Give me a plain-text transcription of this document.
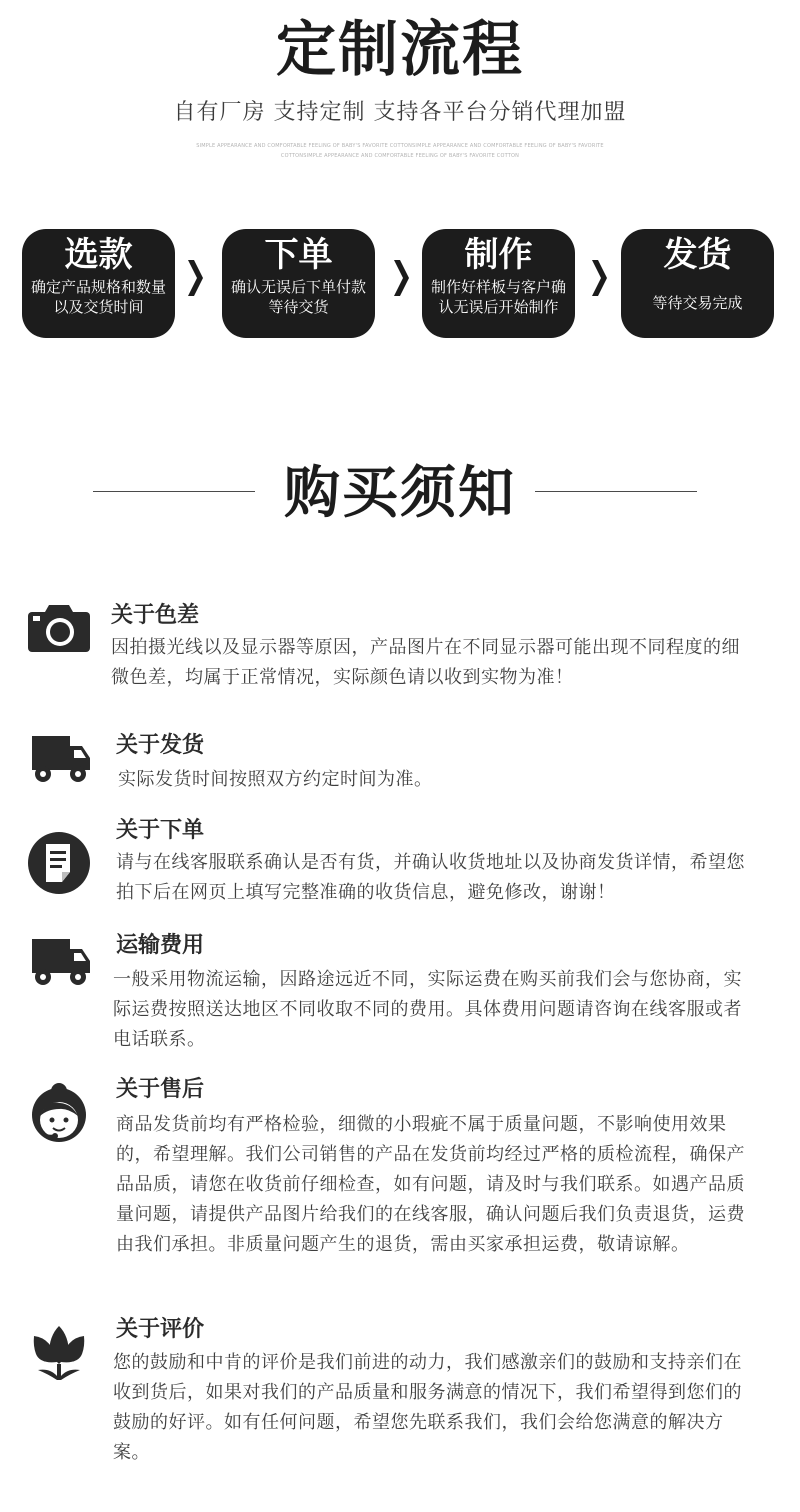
定制流程
自有厂房 支持定制 支持各平台分销代理加盟
SIMPLE APPEARANCE AND COMFORTABLE FEELING OF BABY'S FAVORITE COTTONSIMPLE APPEARANCE AND COMFORTABLE FEELING OF BABY'S FAVORITE
COTTONSIMPLE APPEARANCE AND COMFORTABLE FEELING OF BABY'S FAVORITE COTTON
选款
确定产品规格和数量以及交货时间
下单
确认无误后下单付款等待交货
制作
制作好样板与客户确认无误后开始制作
发货
等待交易完成
购买须知
关于色差
因拍摄光线以及显示器等原因，产品图片在不同显示器可能出现不同程度的细微色差，均属于正常情况，实际颜色请以收到实物为准！
关于发货
实际发货时间按照双方约定时间为准。
关于下单
请与在线客服联系确认是否有货，并确认收货地址以及协商发货详情，希望您拍下后在网页上填写完整准确的收货信息，避免修改，谢谢！
运输费用
一般采用物流运输，因路途远近不同，实际运费在购买前我们会与您协商，实际运费按照送达地区不同收取不同的费用。具体费用问题请咨询在线客服或者电话联系。
关于售后
商品发货前均有严格检验，细微的小瑕疵不属于质量问题，不影响使用效果的，希望理解。我们公司销售的产品在发货前均经过严格的质检流程，确保产品品质，请您在收货前仔细检查，如有问题，请及时与我们联系。如遇产品质量问题，请提供产品图片给我们的在线客服，确认问题后我们负责退货，运费由我们承担。非质量问题产生的退货，需由买家承担运费，敬请谅解。
关于评价
您的鼓励和中肯的评价是我们前进的动力，我们感激亲们的鼓励和支持亲们在收到货后，如果对我们的产品质量和服务满意的情况下，我们希望得到您们的鼓励的好评。如有任何问题，希望您先联系我们，我们会给您满意的解决方案。
